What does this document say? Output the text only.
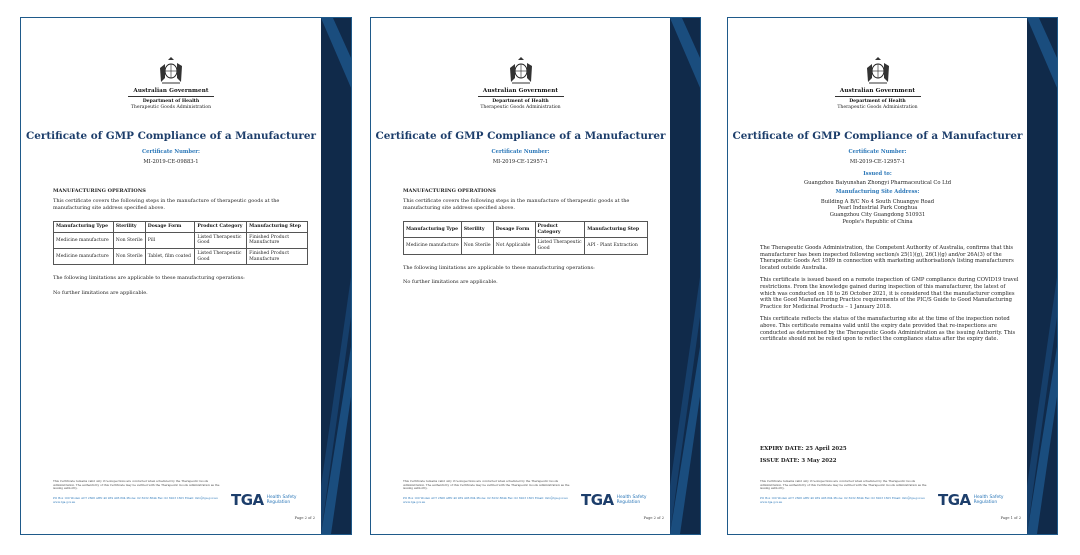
Australian Government
Department of Health
Therapeutic Goods Administration
Certificate of GMP Compliance of a Manufacturer
Certificate Number:
MI-2019-CE-09883-1
MANUFACTURING OPERATIONS
This certificate covers the following steps in the manufacture of therapeutic goods at the manufacturing site address specified above.
Manufacturing Type	Sterility	Dosage Form	Product Category	Manufacturing Step
Medicine manufacture	Non Sterile	Pill	Listed Therapeutic Good	Finished Product Manufacture
Medicine manufacture	Non Sterile	Tablet, film coated	Listed Therapeutic Good	Finished Product Manufacture

The following limitations are applicable to these manufacturing operations:

No further limitations are applicable.

This Certificate remains valid only if re-inspections are conducted when scheduled by the Therapeutic Goods Administration. The authenticity of this Certificate may be verified with the Therapeutic Goods Administration as the issuing authority.
PO Box 100 Woden ACT 2606 ABN 40 939 406 804 Phone: 02 6232 8644 Fax: 02 6203 1605 Email: info@tga.gov.au www.tga.gov.au	TGA Health Safety
Regulation
Page 2 of 2
Australian Government
Department of Health
Therapeutic Goods Administration
Certificate of GMP Compliance of a Manufacturer
Certificate Number:
MI-2019-CE-12957-1
MANUFACTURING OPERATIONS
This certificate covers the following steps in the manufacture of therapeutic goods at the manufacturing site address specified above.
Manufacturing Type	Sterility	Dosage Form	Product Category	Manufacturing Step
Medicine manufacture	Non Sterile	Not Applicable	Listed Therapeutic Good	API - Plant Extraction

The following limitations are applicable to these manufacturing operations:

No further limitations are applicable.

This Certificate remains valid only if re-inspections are conducted when scheduled by the Therapeutic Goods Administration. The authenticity of this Certificate may be verified with the Therapeutic Goods Administration as the issuing authority.
PO Box 100 Woden ACT 2606 ABN 40 939 406 804 Phone: 02 6232 8644 Fax: 02 6203 1605 Email: info@tga.gov.au www.tga.gov.au	TGA Health Safety
Regulation
Page 2 of 2
Australian Government
Department of Health
Therapeutic Goods Administration
Certificate of GMP Compliance of a Manufacturer
Certificate Number:
MI-2019-CE-12957-1
Issued to:
Guangzhou Baiyunshan Zhongyi Pharmaceutical Co Ltd
Manufacturing Site Address:
Building A B/C No 4 South Chuangye Road
Pearl Industrial Park Conghua
Guangzhou City Guangdong 510931
People's Republic of China

The Therapeutic Goods Administration, the Competent Authority of Australia, confirms that this manufacturer has been inspected following section/s 25(1)(g), 26(1)(g) and/or 26A(3) of the Therapeutic Goods Act 1989 in connection with marketing authorisation/s listing manufacturers located outside Australia.

This certificate is issued based on a remote inspection of GMP compliance during COVID19 travel restrictions. From the knowledge gained during inspection of this manufacturer, the latest of which was conducted on 18 to 26 October 2021, it is considered that the manufacturer complies with the Good Manufacturing Practice requirements of the PIC/S Guide to Good Manufacturing Practice for Medicinal Products – 1 January 2018.

This certificate reflects the status of the manufacturing site at the time of the inspection noted above. This certificate remains valid until the expiry date provided that re-inspections are conducted as determined by the Therapeutic Goods Administration as the issuing Authority. This certificate should not be relied upon to reflect the compliance status after the expiry date.

EXPIRY DATE: 25 April 2025
ISSUE DATE: 3 May 2022
This Certificate remains valid only if re-inspections are conducted when scheduled by the Therapeutic Goods Administration. The authenticity of this Certificate may be verified with the Therapeutic Goods Administration as the issuing authority.
PO Box 100 Woden ACT 2606 ABN 40 939 406 804 Phone: 02 6232 8644 Fax: 02 6203 1605 Email: info@tga.gov.au www.tga.gov.au	TGA Health Safety
Regulation
Page 1 of 2
